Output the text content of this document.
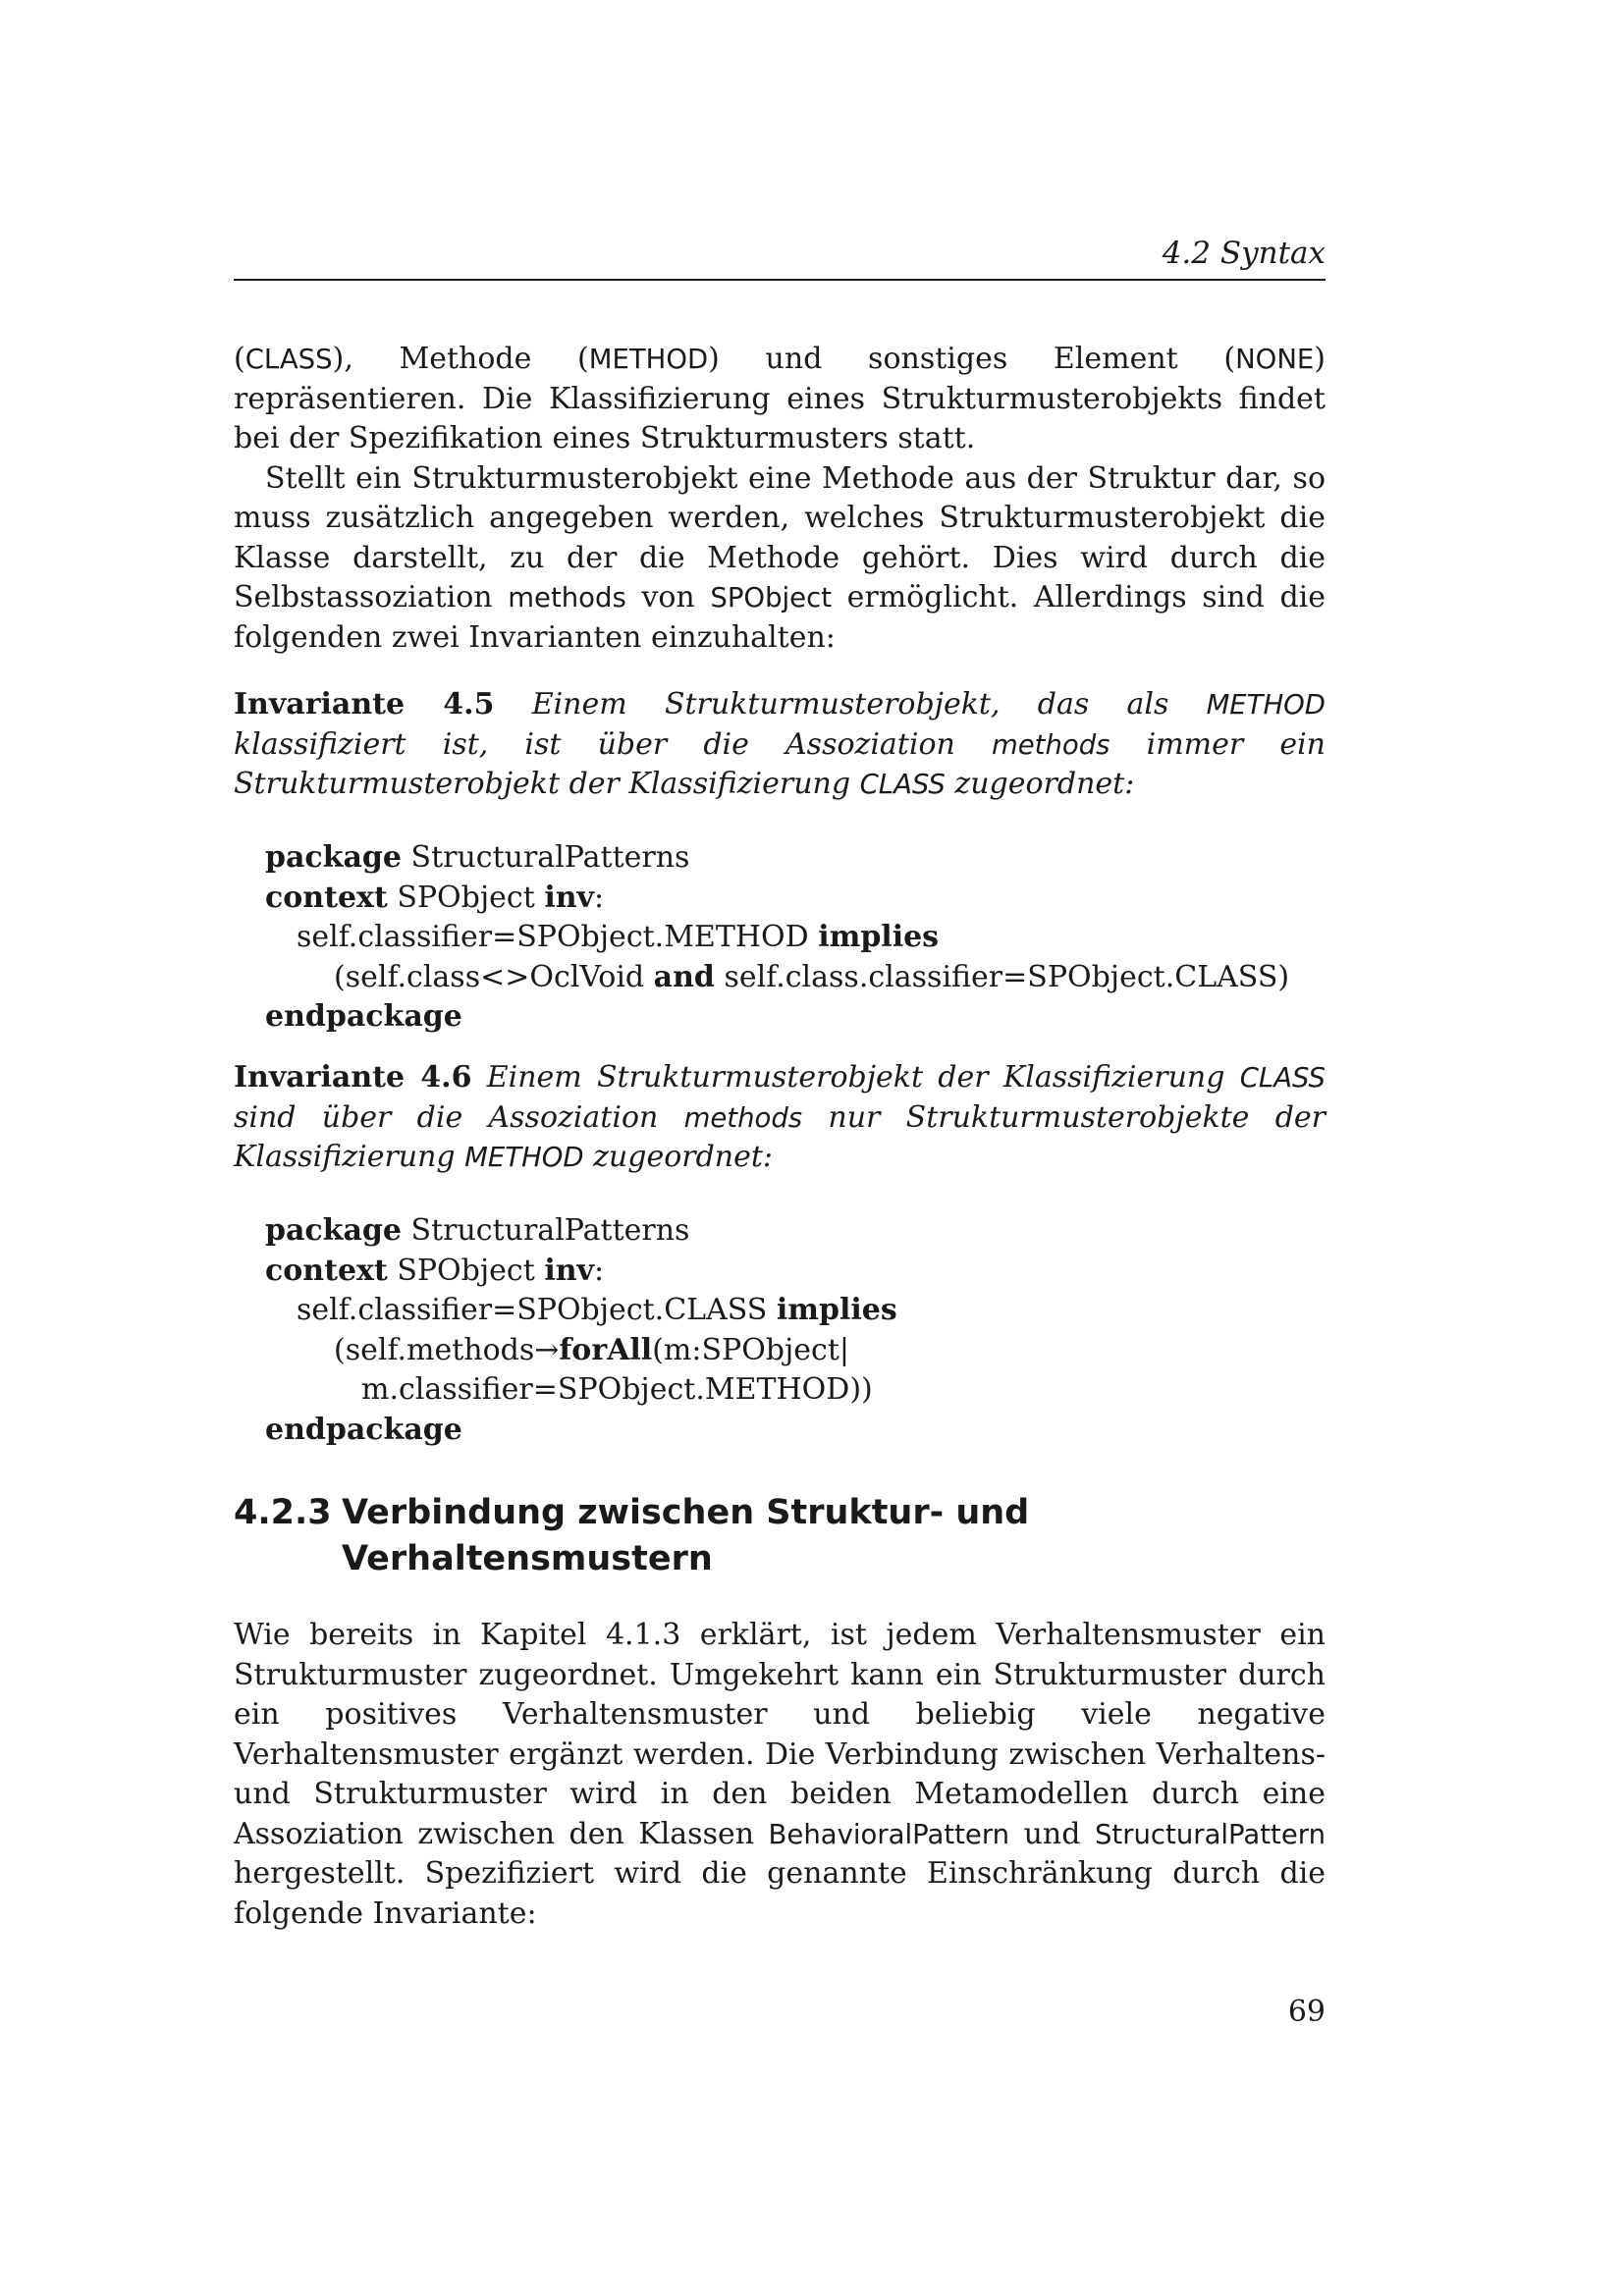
4.2 Syntax

(CLASS), Methode (METHOD) und sonstiges Element (NONE) repräsentieren. Die Klassifizierung eines Strukturmusterobjekts findet bei der Spezifikation eines Strukturmusters statt.

Stellt ein Strukturmusterobjekt eine Methode aus der Struktur dar, so muss zusätzlich angegeben werden, welches Strukturmusterobjekt die Klasse darstellt, zu der die Methode gehört. Dies wird durch die Selbstassoziation methods von SPObject ermöglicht. Allerdings sind die folgenden zwei Invarianten einzuhalten:

Invariante 4.5 Einem Strukturmusterobjekt, das als METHOD klassifiziert ist, ist über die Assoziation methods immer ein Strukturmusterobjekt der Klassifizierung CLASS zugeordnet:

package StructuralPatterns
context SPObject inv:
self.classifier=SPObject.METHOD implies
(self.class<>OclVoid and self.class.classifier=SPObject.CLASS)
endpackage

Invariante 4.6 Einem Strukturmusterobjekt der Klassifizierung CLASS sind über die Assoziation methods nur Strukturmusterobjekte der Klassifizierung METHOD zugeordnet:

package StructuralPatterns
context SPObject inv:
self.classifier=SPObject.CLASS implies
(self.methods→forAll(m:SPObject|
m.classifier=SPObject.METHOD))
endpackage
4.2.3 Verbindung zwischen Struktur- und
Verhaltensmustern

Wie bereits in Kapitel 4.1.3 erklärt, ist jedem Verhaltensmuster ein Strukturmuster zugeordnet. Umgekehrt kann ein Strukturmuster durch ein positives Verhaltensmuster und beliebig viele negative Verhaltensmuster ergänzt werden. Die Verbindung zwischen Verhaltens- und Strukturmuster wird in den beiden Metamodellen durch eine Assoziation zwischen den Klassen BehavioralPattern und StructuralPattern hergestellt. Spezifiziert wird die genannte Einschränkung durch die folgende Invariante:

69
